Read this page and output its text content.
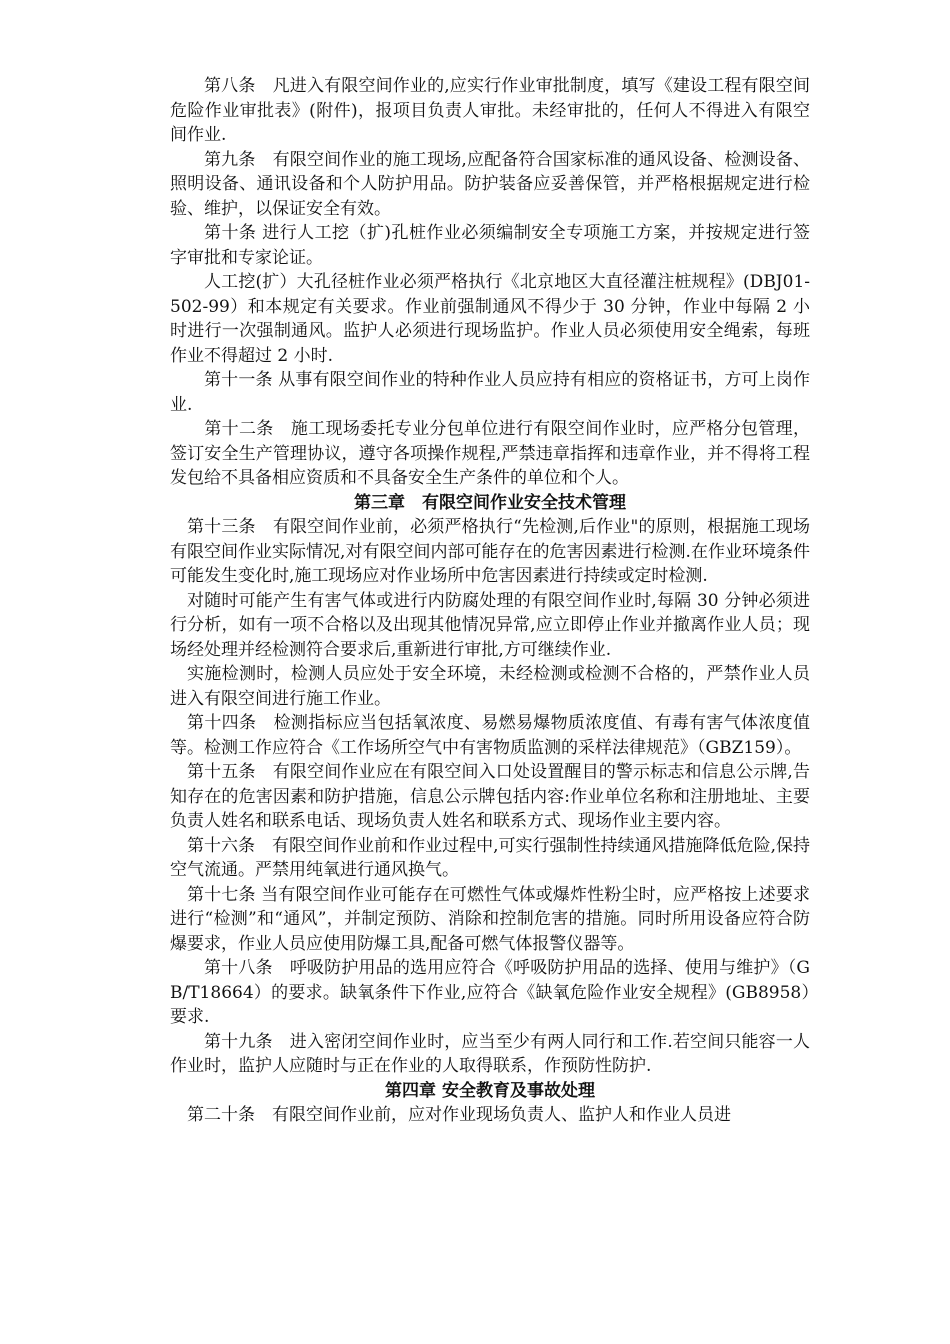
第八条　凡进入有限空间作业的,应实行作业审批制度，填写《建设工程有限空间危险作业审批表》(附件)，报项目负责人审批。未经审批的，任何人不得进入有限空间作业.

第九条　有限空间作业的施工现场,应配备符合国家标准的通风设备、检测设备、照明设备、通讯设备和个人防护用品。防护装备应妥善保管，并严格根据规定进行检验、维护，以保证安全有效。

第十条 进行人工挖（扩)孔桩作业必须编制安全专项施工方案，并按规定进行签字审批和专家论证。

人工挖(扩）大孔径桩作业必须严格执行《北京地区大直径灌注桩规程》(DBJ01-502-99）和本规定有关要求。作业前强制通风不得少于 30 分钟，作业中每隔 2 小时进行一次强制通风。监护人必须进行现场监护。作业人员必须使用安全绳索，每班作业不得超过 2 小时.

第十一条 从事有限空间作业的特种作业人员应持有相应的资格证书，方可上岗作业.

　第十二条　施工现场委托专业分包单位进行有限空间作业时，应严格分包管理，签订安全生产管理协议，遵守各项操作规程,严禁违章指挥和违章作业，并不得将工程发包给不具备相应资质和不具备安全生产条件的单位和个人。

第三章　有限空间作业安全技术管理

第十三条　有限空间作业前，必须严格执行“先检测,后作业"的原则，根据施工现场有限空间作业实际情况,对有限空间内部可能存在的危害因素进行检测.在作业环境条件可能发生变化时,施工现场应对作业场所中危害因素进行持续或定时检测.

对随时可能产生有害气体或进行内防腐处理的有限空间作业时,每隔 30 分钟必须进行分析，如有一项不合格以及出现其他情况异常,应立即停止作业并撤离作业人员；现场经处理并经检测符合要求后,重新进行审批,方可继续作业.

实施检测时，检测人员应处于安全环境，未经检测或检测不合格的，严禁作业人员进入有限空间进行施工作业。

第十四条　检测指标应当包括氧浓度、易燃易爆物质浓度值、有毒有害气体浓度值等。检测工作应符合《工作场所空气中有害物质监测的采样法律规范》（GBZ159）。

第十五条　有限空间作业应在有限空间入口处设置醒目的警示标志和信息公示牌,告知存在的危害因素和防护措施，信息公示牌包括内容:作业单位名称和注册地址、主要负责人姓名和联系电话、现场负责人姓名和联系方式、现场作业主要内容。

第十六条　有限空间作业前和作业过程中,可实行强制性持续通风措施降低危险,保持空气流通。严禁用纯氧进行通风换气。

第十七条 当有限空间作业可能存在可燃性气体或爆炸性粉尘时，应严格按上述要求进行“检测”和“通风”，并制定预防、消除和控制危害的措施。同时所用设备应符合防爆要求，作业人员应使用防爆工具,配备可燃气体报警仪器等。

第十八条　呼吸防护用品的选用应符合《呼吸防护用品的选择、使用与维护》（GB/T18664）的要求。缺氧条件下作业,应符合《缺氧危险作业安全规程》(GB8958）要求.

第十九条　进入密闭空间作业时，应当至少有两人同行和工作.若空间只能容一人作业时，监护人应随时与正在作业的人取得联系，作预防性防护.

第四章 安全教育及事故处理

第二十条　有限空间作业前，应对作业现场负责人、监护人和作业人员进
